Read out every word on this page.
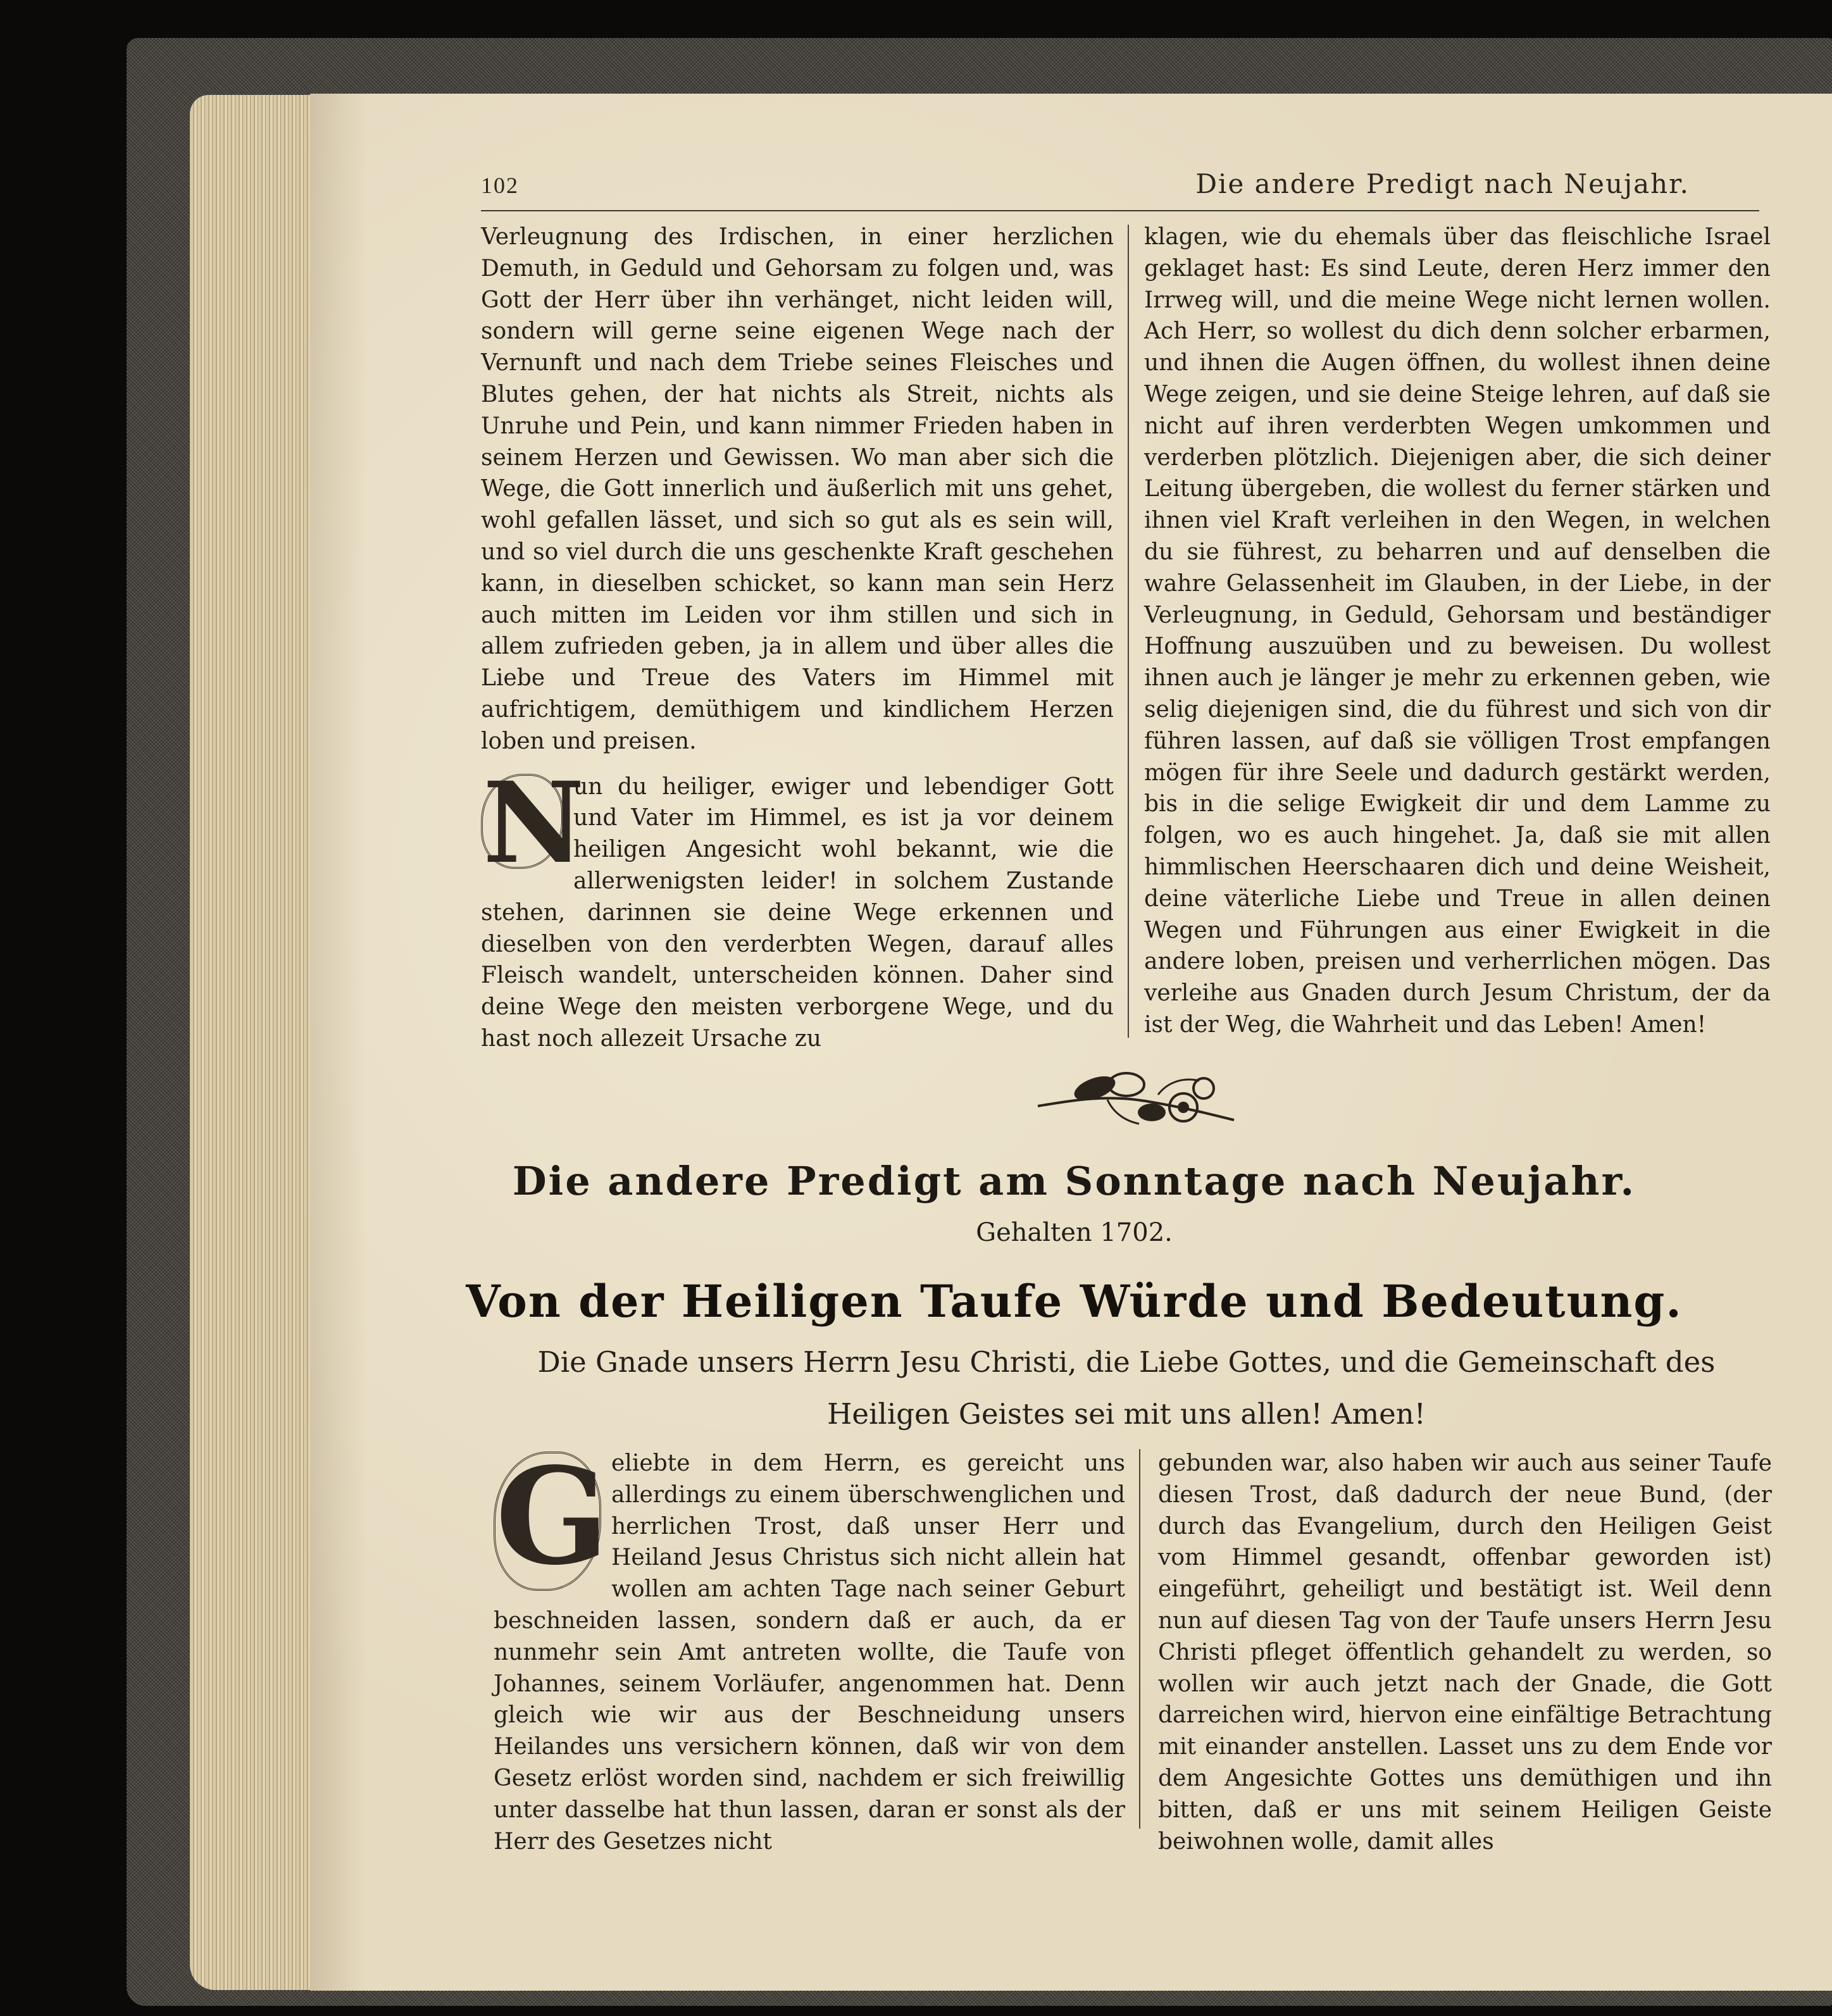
102	Die andere Predigt nach Neujahr.

Verleugnung des Irdischen, in einer herzlichen Demuth, in Geduld und Gehorsam zu folgen und, was Gott der Herr über ihn verhänget, nicht leiden will, sondern will gerne seine eigenen Wege nach der Vernunft und nach dem Triebe seines Fleisches und Blutes gehen, der hat nichts als Streit, nichts als Unruhe und Pein, und kann nimmer Frieden haben in seinem Herzen und Gewissen. Wo man aber sich die Wege, die Gott innerlich und äußerlich mit uns gehet, wohl gefallen lässet, und sich so gut als es sein will, und so viel durch die uns geschenkte Kraft geschehen kann, in dieselben schicket, so kann man sein Herz auch mitten im Leiden vor ihm stillen und sich in allem zufrieden geben, ja in allem und über alles die Liebe und Treue des Vaters im Himmel mit aufrichtigem, demüthigem und kindlichem Herzen loben und preisen.

N
un du heiliger, ewiger und lebendiger Gott und Vater im Himmel, es ist ja vor deinem heiligen Angesicht wohl bekannt, wie die allerwenigsten leider! in solchem Zustande stehen, darinnen sie deine Wege erkennen und dieselben von den verderbten Wegen, darauf alles Fleisch wandelt, unterscheiden können. Daher sind deine Wege den meisten verborgene Wege, und du hast noch allezeit Ursache zu

klagen, wie du ehemals über das fleischliche Israel geklaget hast: Es sind Leute, deren Herz immer den Irrweg will, und die meine Wege nicht lernen wollen. Ach Herr, so wollest du dich denn solcher erbarmen, und ihnen die Augen öffnen, du wollest ihnen deine Wege zeigen, und sie deine Steige lehren, auf daß sie nicht auf ihren verderbten Wegen umkommen und verderben plötzlich. Diejenigen aber, die sich deiner Leitung übergeben, die wollest du ferner stärken und ihnen viel Kraft verleihen in den Wegen, in welchen du sie führest, zu beharren und auf denselben die wahre Gelassenheit im Glauben, in der Liebe, in der Verleugnung, in Geduld, Gehorsam und beständiger Hoffnung auszuüben und zu beweisen. Du wollest ihnen auch je länger je mehr zu erkennen geben, wie selig diejenigen sind, die du führest und sich von dir führen lassen, auf daß sie völligen Trost empfangen mögen für ihre Seele und dadurch gestärkt werden, bis in die selige Ewigkeit dir und dem Lamme zu folgen, wo es auch hingehet. Ja, daß sie mit allen himmlischen Heerschaaren dich und deine Weisheit, deine väterliche Liebe und Treue in allen deinen Wegen und Führungen aus einer Ewigkeit in die andere loben, preisen und verherrlichen mögen. Das verleihe aus Gnaden durch Jesum Christum, der da ist der Weg, die Wahrheit und das Leben! Amen!

Die andere Predigt am Sonntage nach Neujahr.
Gehalten 1702.
Von der Heiligen Taufe Würde und Bedeutung.
Die Gnade unsers Herrn Jesu Christi, die Liebe Gottes, und die Gemeinschaft des Heiligen Geistes sei mit uns allen! Amen!

G eliebte in dem Herrn, es gereicht uns allerdings zu einem überschwenglichen und herrlichen Trost, daß unser Herr und Heiland Jesus Christus sich nicht allein hat wollen am achten Tage nach seiner Geburt beschneiden lassen, sondern daß er auch, da er nunmehr sein Amt antreten wollte, die Taufe von Johannes, seinem Vorläufer, angenommen hat. Denn gleich wie wir aus der Beschneidung unsers Heilandes uns versichern können, daß wir von dem Gesetz erlöst worden sind, nachdem er sich freiwillig unter dasselbe hat thun lassen, daran er sonst als der Herr des Gesetzes nicht

gebunden war, also haben wir auch aus seiner Taufe diesen Trost, daß dadurch der neue Bund, (der durch das Evangelium, durch den Heiligen Geist vom Himmel gesandt, offenbar geworden ist) eingeführt, geheiligt und bestätigt ist. Weil denn nun auf diesen Tag von der Taufe unsers Herrn Jesu Christi pfleget öffentlich gehandelt zu werden, so wollen wir auch jetzt nach der Gnade, die Gott darreichen wird, hiervon eine einfältige Betrachtung mit einander anstellen. Lasset uns zu dem Ende vor dem Angesichte Gottes uns demüthigen und ihn bitten, daß er uns mit seinem Heiligen Geiste beiwohnen wolle, damit alles
